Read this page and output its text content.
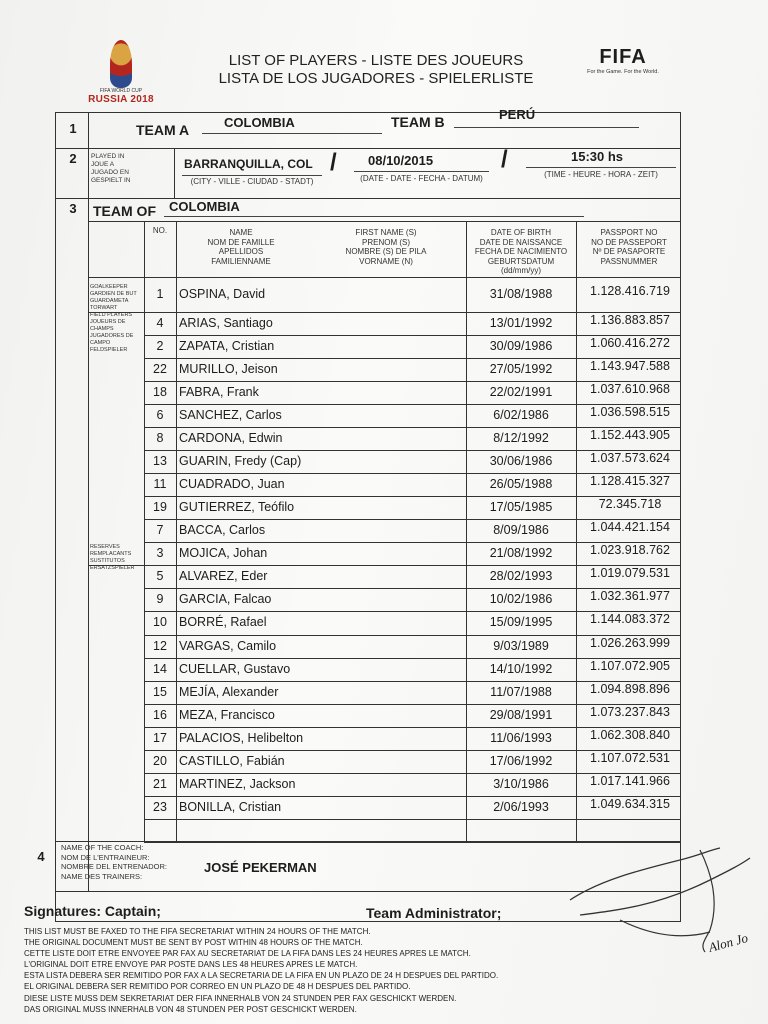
FIFA WORLD CUP
RUSSIA 2018
LIST OF PLAYERS - LISTE DES JOUEURS
LISTA DE LOS JUGADORES - SPIELERLISTE
FIFA
For the Game. For the World.
1	TEAM A	COLOMBIA	TEAM B	PERÚ
2	PLAYED IN
JOUE A
JUGADO EN
GESPIELT IN
BARRANQUILLA, COL
(CITY - VILLE - CIUDAD - STADT)
/ 08/10/2015
(DATE - DATE - FECHA - DATUM)
/	15:30 hs
(TIME - HEURE - HORA - ZEIT)
3	TEAM OF COLOMBIA
NO.	NAME
NOM DE FAMILLE
APELLIDOS
FAMILIENNAME
FIRST NAME (S)
PRENOM (S)
NOMBRE (S) DE PILA
VORNAME (N)
DATE OF BIRTH
DATE DE NAISSANCE
FECHA DE NACIMIENTO
GEBURTSDATUM
(dd/mm/yy)
PASSPORT NO
NO DE PASSEPORT
Nº DE PASAPORTE
PASSNUMMER
GOALKEEPER
GARDIEN DE BUT
GUARDAMETA
TORWART
FIELD PLAYERS
JOUEURS DE
CHAMPS
JUGADORES DE
CAMPO
FELDSPIELER
RESERVES
REMPLACANTS
SUSTITUTOS
ERSATZSPIELER
1	OSPINA, David	31/08/1988	1.128.416.719
4	ARIAS, Santiago	13/01/1992	1.136.883.857
2	ZAPATA, Cristian	30/09/1986	1.060.416.272
22 MURILLO, Jeison	27/05/1992	1.143.947.588
18 FABRA, Frank	22/02/1991	1.037.610.968
6	SANCHEZ, Carlos	6/02/1986	1.036.598.515
8	CARDONA, Edwin	8/12/1992	1.152.443.905
13 GUARIN, Fredy (Cap)	30/06/1986	1.037.573.624
11	CUADRADO, Juan	26/05/1988	1.128.415.327
19 GUTIERREZ, Teófilo	17/05/1985	72.345.718
7	BACCA, Carlos	8/09/1986	1.044.421.154
3	MOJICA, Johan	21/08/1992	1.023.918.762
5	ALVAREZ, Eder	28/02/1993	1.019.079.531
9	GARCIA, Falcao	10/02/1986	1.032.361.977
10 BORRÉ, Rafael	15/09/1995	1.144.083.372
12 VARGAS, Camilo	9/03/1989	1.026.263.999
14 CUELLAR, Gustavo	14/10/1992	1.107.072.905
15 MEJÍA, Alexander	11/07/1988	1.094.898.896
16 MEZA, Francisco	29/08/1991	1.073.237.843
17 PALACIOS, Helibelton	11/06/1993	1.062.308.840
20 CASTILLO, Fabián	17/06/1992	1.107.072.531
21 MARTINEZ, Jackson	3/10/1986	1.017.141.966
23 BONILLA, Cristian	2/06/1993	1.049.634.315
4
NAME OF THE COACH:
NOM DE L'ENTRAINEUR:
NOMBRE DEL ENTRENADOR:
NAME DES TRAINERS:
JOSÉ PEKERMAN
Signatures: Captain;	Team Administrator;
Alon Jo
THIS LIST MUST BE FAXED TO THE FIFA SECRETARIAT WITHIN 24 HOURS OF THE MATCH.
THE ORIGINAL DOCUMENT MUST BE SENT BY POST WITHIN 48 HOURS OF THE MATCH.
CETTE LISTE DOIT ETRE ENVOYEE PAR FAX AU SECRETARIAT DE LA FIFA DANS LES 24 HEURES APRES LE MATCH.
L'ORIGINAL DOIT ETRE ENVOYE PAR POSTE DANS LES 48 HEURES APRES LE MATCH.
ESTA LISTA DEBERA SER REMITIDO POR FAX A LA SECRETARIA DE LA FIFA EN UN PLAZO DE 24 H DESPUES DEL PARTIDO.
EL ORIGINAL DEBERA SER REMITIDO POR CORREO EN UN PLAZO DE 48 H DESPUES DEL PARTIDO.
DIESE LISTE MUSS DEM SEKRETARIAT DER FIFA INNERHALB VON 24 STUNDEN PER FAX GESCHICKT WERDEN.
DAS ORIGINAL MUSS INNERHALB VON 48 STUNDEN PER POST GESCHICKT WERDEN.
